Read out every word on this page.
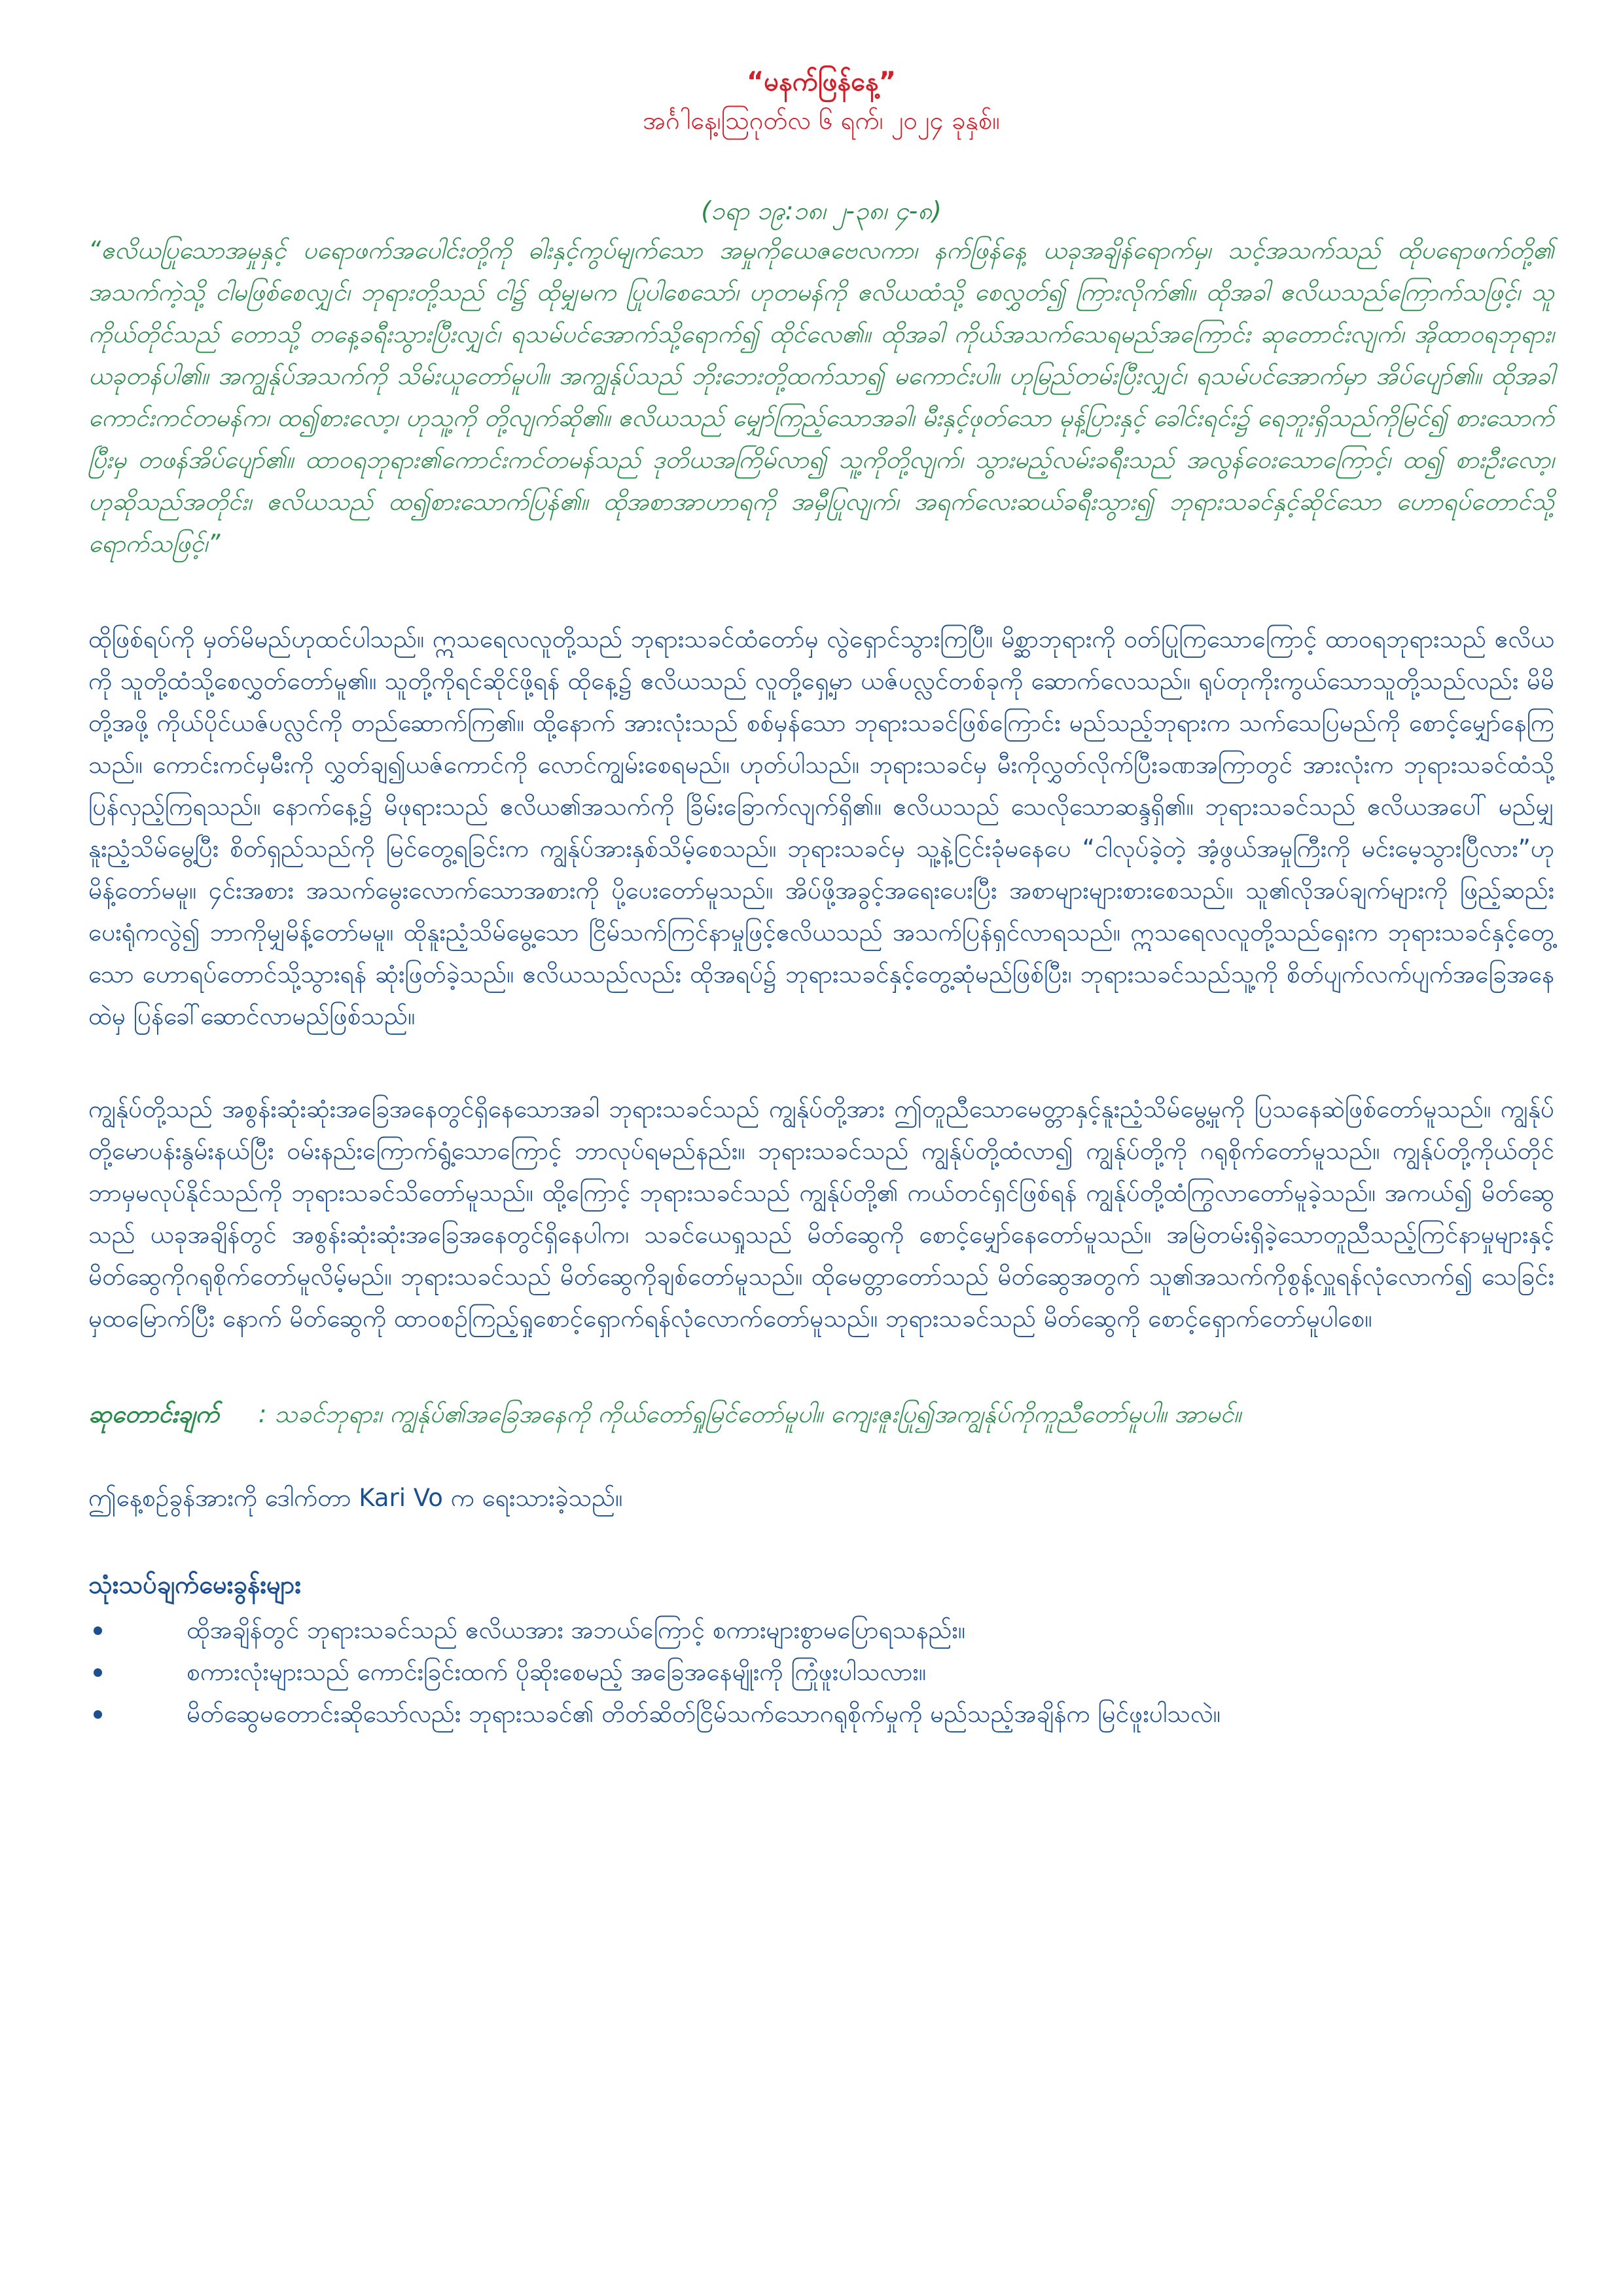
“မနက်ဖြန်နေ့”

အင်္ဂါနေ့၊ဩဂုတ်လ ၆ ရက်၊ ၂၀၂၄ ခုနှစ်။

(၁ရာ ၁၉:၁၈၊ ၂-၃၈၊ ၄-၈)

“ဧလိယပြုသောအမှုနှင့် ပရောဖက်အပေါင်းတို့ကို ဓါးနှင့်ကွပ်မျက်သော အမှုကိုယေဇဗေလကာ၊ နက်ဖြန်နေ့ ယခုအချိန်ရောက်မှ၊ သင့်အသက်သည် ထိုပရောဖက်တို့၏ အသက်ကဲ့သို့ ငါမဖြစ်စေလျှင်၊ ဘုရားတို့သည် ငါ၌ ထိုမျှမက ပြုပါစေသော်၊ ဟုတမန်ကို ဧလိယထံသို့ စေလွှတ်၍ ကြားလိုက်၏။ ထိုအခါ ဧလိယသည်ကြောက်သဖြင့်၊ သူကိုယ်တိုင်သည် တောသို့ တနေ့ခရီးသွားပြီးလျှင်၊ ရသမ်ပင်အောက်သို့ရောက်၍ ထိုင်လေ၏။ ထိုအခါ ကိုယ်အသက်သေရမည်အကြောင်း ဆုတောင်းလျက်၊ အိုထာဝရဘုရား၊ ယခုတန်ပါ၏။ အကျွန်ုပ်အသက်ကို သိမ်းယူတော်မူပါ။ အကျွန်ုပ်သည် ဘိုးဘေးတို့ထက်သာ၍ မကောင်းပါ။ ဟုမြည်တမ်းပြီးလျှင်၊ ရသမ်ပင်အောက်မှာ အိပ်ပျော်၏။ ထိုအခါ ကောင်းကင်တမန်က၊ ထ၍စားလော့၊ ဟုသူ့ကို တို့လျက်ဆို၏။ ဧလိယသည် မျှော်ကြည့်သောအခါ၊ မီးနှင့်ဖုတ်သော မုန့်ပြားနှင့် ခေါင်းရင်း၌ ရေဘူးရှိသည်ကိုမြင်၍ စားသောက်ပြီးမှ တဖန်အိပ်ပျော်၏။ ထာဝရဘုရား၏ကောင်းကင်တမန်သည် ဒုတိယအကြိမ်လာ၍ သူ့ကိုတို့လျက်၊ သွားမည့်လမ်းခရီးသည် အလွန်ဝေးသောကြောင့်၊ ထ၍ စားဦးလော့၊ ဟုဆိုသည်အတိုင်း၊ ဧလိယသည် ထ၍စားသောက်ပြန်၏။ ထိုအစာအာဟာရကို အမှီပြုလျက်၊ အရက်လေးဆယ်ခရီးသွား၍ ဘုရားသခင်နှင့်ဆိုင်သော ဟောရပ်တောင်သို့ ရောက်သဖြင့်၊”

ထိုဖြစ်ရပ်ကို မှတ်မိမည်ဟုထင်ပါသည်။ ဣသရေလလူတို့သည် ဘုရားသခင်ထံတော်မှ လွဲရှောင်သွားကြပြီ။ မိစ္ဆာဘုရားကို ဝတ်ပြုကြသောကြောင့် ထာဝရဘုရားသည် ဧလိယကို သူတို့ထံသို့စေလွှတ်တော်မူ၏။ သူတို့ကိုရင်ဆိုင်ဖို့ရန် ထိုနေ့၌ ဧလိယသည် လူတို့ရှေ့မှာ ယဇ်ပလ္လင်တစ်ခုကို ဆောက်လေသည်။ ရုပ်တုကိုးကွယ်သောသူတို့သည်လည်း မိမိတို့အဖို့ ကိုယ်ပိုင်ယဇ်ပလ္လင်ကို တည်ဆောက်ကြ၏။ ထို့နောက် အားလုံးသည် စစ်မှန်သော ဘုရားသခင်ဖြစ်ကြောင်း မည်သည့်ဘုရားက သက်သေပြမည်ကို စောင့်မျှော်နေကြသည်။ ကောင်းကင်မှမီးကို လွှတ်ချ၍ယဇ်ကောင်ကို လောင်ကျွမ်းစေရမည်။ ဟုတ်ပါသည်။ ဘုရားသခင်မှ မီးကိုလွှတ်လိုက်ပြီးခဏအကြာတွင် အားလုံးက ဘုရားသခင်ထံသို့ ပြန်လှည့်ကြရသည်။ နောက်နေ့၌ မိဖုရားသည် ဧလိယ၏အသက်ကို ခြိမ်းခြောက်လျက်ရှိ၏။ ဧလိယသည် သေလိုသောဆန္ဒရှိ၏။ ဘုရားသခင်သည် ဧလိယအပေါ် မည်မျှနူးညံ့သိမ်မွေ့ပြီး စိတ်ရှည်သည်ကို မြင်တွေ့ရခြင်းက ကျွန်ုပ်အားနှစ်သိမ့်စေသည်။ ဘုရားသခင်မှ သူ့နဲ့ငြင်းခုံမနေပေ “ငါလုပ်ခဲ့တဲ့ အံ့ဖွယ်အမှုကြီးကို မင်းမေ့သွားပြီလား”ဟု မိန့်တော်မမူ။ ၄င်းအစား အသက်မွေးလောက်သောအစားကို ပို့ပေးတော်မူသည်။ အိပ်ဖို့အခွင့်အရေးပေးပြီး အစာများများစားစေသည်။ သူ၏လိုအပ်ချက်များကို ဖြည့်ဆည်းပေးရုံကလွဲ၍ ဘာကိုမျှမိန့်တော်မမူ။ ထိုနူးညံ့သိမ်မွေ့သော ငြိမ်သက်ကြင်နာမှုဖြင့်ဧလိယသည် အသက်ပြန်ရှင်လာရသည်။ ဣသရေလလူတို့သည်ရှေးက ဘုရားသခင်နှင့်တွေ့သော ဟောရပ်တောင်သို့သွားရန် ဆုံးဖြတ်ခဲ့သည်။ ဧလိယသည်လည်း ထိုအရပ်၌ ဘုရားသခင်နှင့်တွေ့ဆုံမည်ဖြစ်ပြီး၊ ဘုရားသခင်သည်သူ့ကို စိတ်ပျက်လက်ပျက်အခြေအနေထဲမှ ပြန်ခေါ်ဆောင်လာမည်ဖြစ်သည်။

ကျွန်ုပ်တို့သည် အစွန်းဆုံးဆုံးအခြေအနေတွင်ရှိနေသောအခါ ဘုရားသခင်သည် ကျွန်ုပ်တို့အား ဤတူညီသောမေတ္တာနှင့်နူးညံ့သိမ်မွေ့မှုကို ပြသနေဆဲဖြစ်တော်မူသည်။ ကျွန်ုပ်တို့မောပန်းနွမ်းနယ်ပြီး ဝမ်းနည်းကြောက်ရွံ့သောကြောင့် ဘာလုပ်ရမည်နည်း။ ဘုရားသခင်သည် ကျွန်ုပ်တို့ထံလာ၍ ကျွန်ုပ်တို့ကို ဂရုစိုက်တော်မူသည်။ ကျွန်ုပ်တို့ကိုယ်တိုင် ဘာမှမလုပ်နိုင်သည်ကို ဘုရားသခင်သိတော်မူသည်။ ထို့ကြောင့် ဘုရားသခင်သည် ကျွန်ုပ်တို့၏ ကယ်တင်ရှင်ဖြစ်ရန် ကျွန်ုပ်တို့ထံကြွလာတော်မူခဲ့သည်။ အကယ်၍ မိတ်ဆွေသည် ယခုအချိန်တွင် အစွန်းဆုံးဆုံးအခြေအနေတွင်ရှိနေပါက၊ သခင်ယေရှုသည် မိတ်ဆွေကို စောင့်မျှော်နေတော်မူသည်။ အမြဲတမ်းရှိခဲ့သောတူညီသည့်ကြင်နာမှုများနှင့် မိတ်ဆွေကိုဂရုစိုက်တော်မူလိမ့်မည်။ ဘုရားသခင်သည် မိတ်ဆွေကိုချစ်တော်မူသည်။ ထိုမေတ္တာတော်သည် မိတ်ဆွေအတွက် သူ၏အသက်ကိုစွန့်လှူရန်လုံလောက်၍ သေခြင်းမှထမြောက်ပြီး နောက် မိတ်ဆွေကို ထာဝစဉ်ကြည့်ရှုစောင့်ရှောက်ရန်လုံလောက်တော်မူသည်။ ဘုရားသခင်သည် မိတ်ဆွေကို စောင့်ရှောက်တော်မူပါစေ။

ဆုတောင်းချက် : သခင်ဘုရား၊ ကျွန်ုပ်၏အခြေအနေကို ကိုယ်တော်ရှုမြင်တော်မူပါ။ ကျေးဇူးပြု၍အကျွန်ုပ်ကိုကူညီတော်မူပါ။ အာမင်။

ဤနေ့စဉ်ခွန်အားကို ဒေါက်တာ Kari Vo က ရေးသားခဲ့သည်။

သုံးသပ်ချက်မေးခွန်းများ

ထိုအချိန်တွင် ဘုရားသခင်သည် ဧလိယအား အဘယ်ကြောင့် စကားများစွာမပြောရသနည်း။
စကားလုံးများသည် ကောင်းခြင်းထက် ပိုဆိုးစေမည့် အခြေအနေမျိုးကို ကြုံဖူးပါသလား။
မိတ်ဆွေမတောင်းဆိုသော်လည်း ဘုရားသခင်၏ တိတ်ဆိတ်ငြိမ်သက်သောဂရုစိုက်မှုကို မည်သည့်အချိန်က မြင်ဖူးပါသလဲ။
